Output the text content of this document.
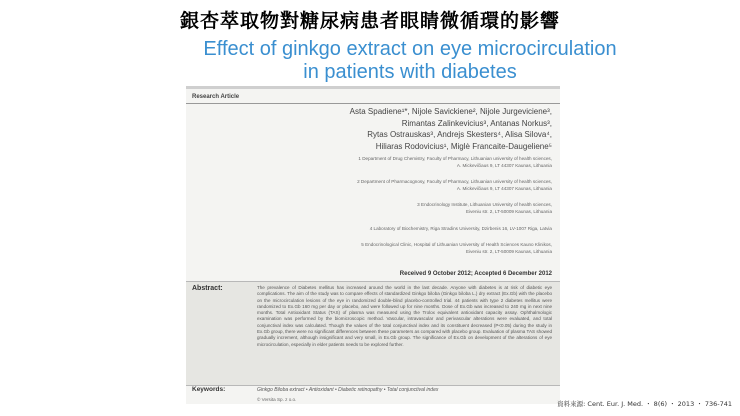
銀杏萃取物對糖尿病患者眼睛微循環的影響
Effect of ginkgo extract on eye microcirculation
in patients with diabetes
Research Article
Asta Spadiene¹*, Nijole Savickiene², Nijole Jurgeviciene³,
Rimantas Zalinkevicius³, Antanas Norkus³,
Rytas Ostrauskas³, Andrejs Skesters⁴, Alisa Silova⁴,
Hiliaras Rodovicius¹, Miglė Francaite-Daugeliene⁵
1 Department of Drug Chemistry, Faculty of Pharmacy, Lithuanian university of health sciences,
A. Mickevičiaus 9, LT 44307 Kaunas, Lithuania
2 Department of Pharmacognosy, Faculty of Pharmacy, Lithuanian university of health sciences,
A. Mickevičiaus 9, LT 44307 Kaunas, Lithuania
3 Endocrinology Institute, Lithuanian University of health sciences,
Eiveniu str. 2, LT-50009 Kaunas, Lithuania
4 Laboratory of Biochemistry, Riga Stradins University, Dzirbenis 16, LV-1007 Riga, Latvia
5 Endocrinological Clinic, Hospital of Lithuanian University of Health Sciences Kauno Klinikos,
Eiveniu str. 2, LT-50009 Kaunas, Lithuania
Received 9 October 2012; Accepted 6 December 2012
Abstract:	The prevalence of Diabetes mellitus has increased around the world in the last decade. Anyone with diabetes is at risk of diabetic eye complications. The aim of the study was to compare effects of standardized Ginkgo biloba (Ginkgo biloba L.) dry extract (Ex.Gb) with the placebo on the microcirculation lesions of the eye in randomized double-blind placebo-controlled trial. 44 patients with type 2 diabetes mellitus were randomized to Ex.Gb 160 mg per day or placebo, and were followed up for nine months. Dose of Ex.Gb was increased to 240 mg in next nine months. Total Antioxidant Status (TAS) of plasma was measured using the Trolox equivalent antioxidant capacity assay. Ophthalmologic examination was performed by the biomicroscopic method. Vascular, intravascular and perivascular alterations were evaluated, and total conjunctival index was calculated. Though the values of the total conjunctival index and its constituent decreased (P<0.05) during the study in Ex.Gb group, there were no significant differences between these parameters as compared with placebo group. Evaluation of plasma TAS showed gradually increment, although insignificant and very small, in Ex.Gb group. The significance of Ex.Gb on development of the alterations of eye microcirculation, especially in elder patients needs to be explored further.
Keywords:	Ginkgo Biloba extract • Antioxidant • Diabetic retinopathy • Total conjunctival index
© Versita Sp. z o.o.
資料來源: Cent. Eur. J. Med. ・ 8(6) ・ 2013 ・ 736-741
